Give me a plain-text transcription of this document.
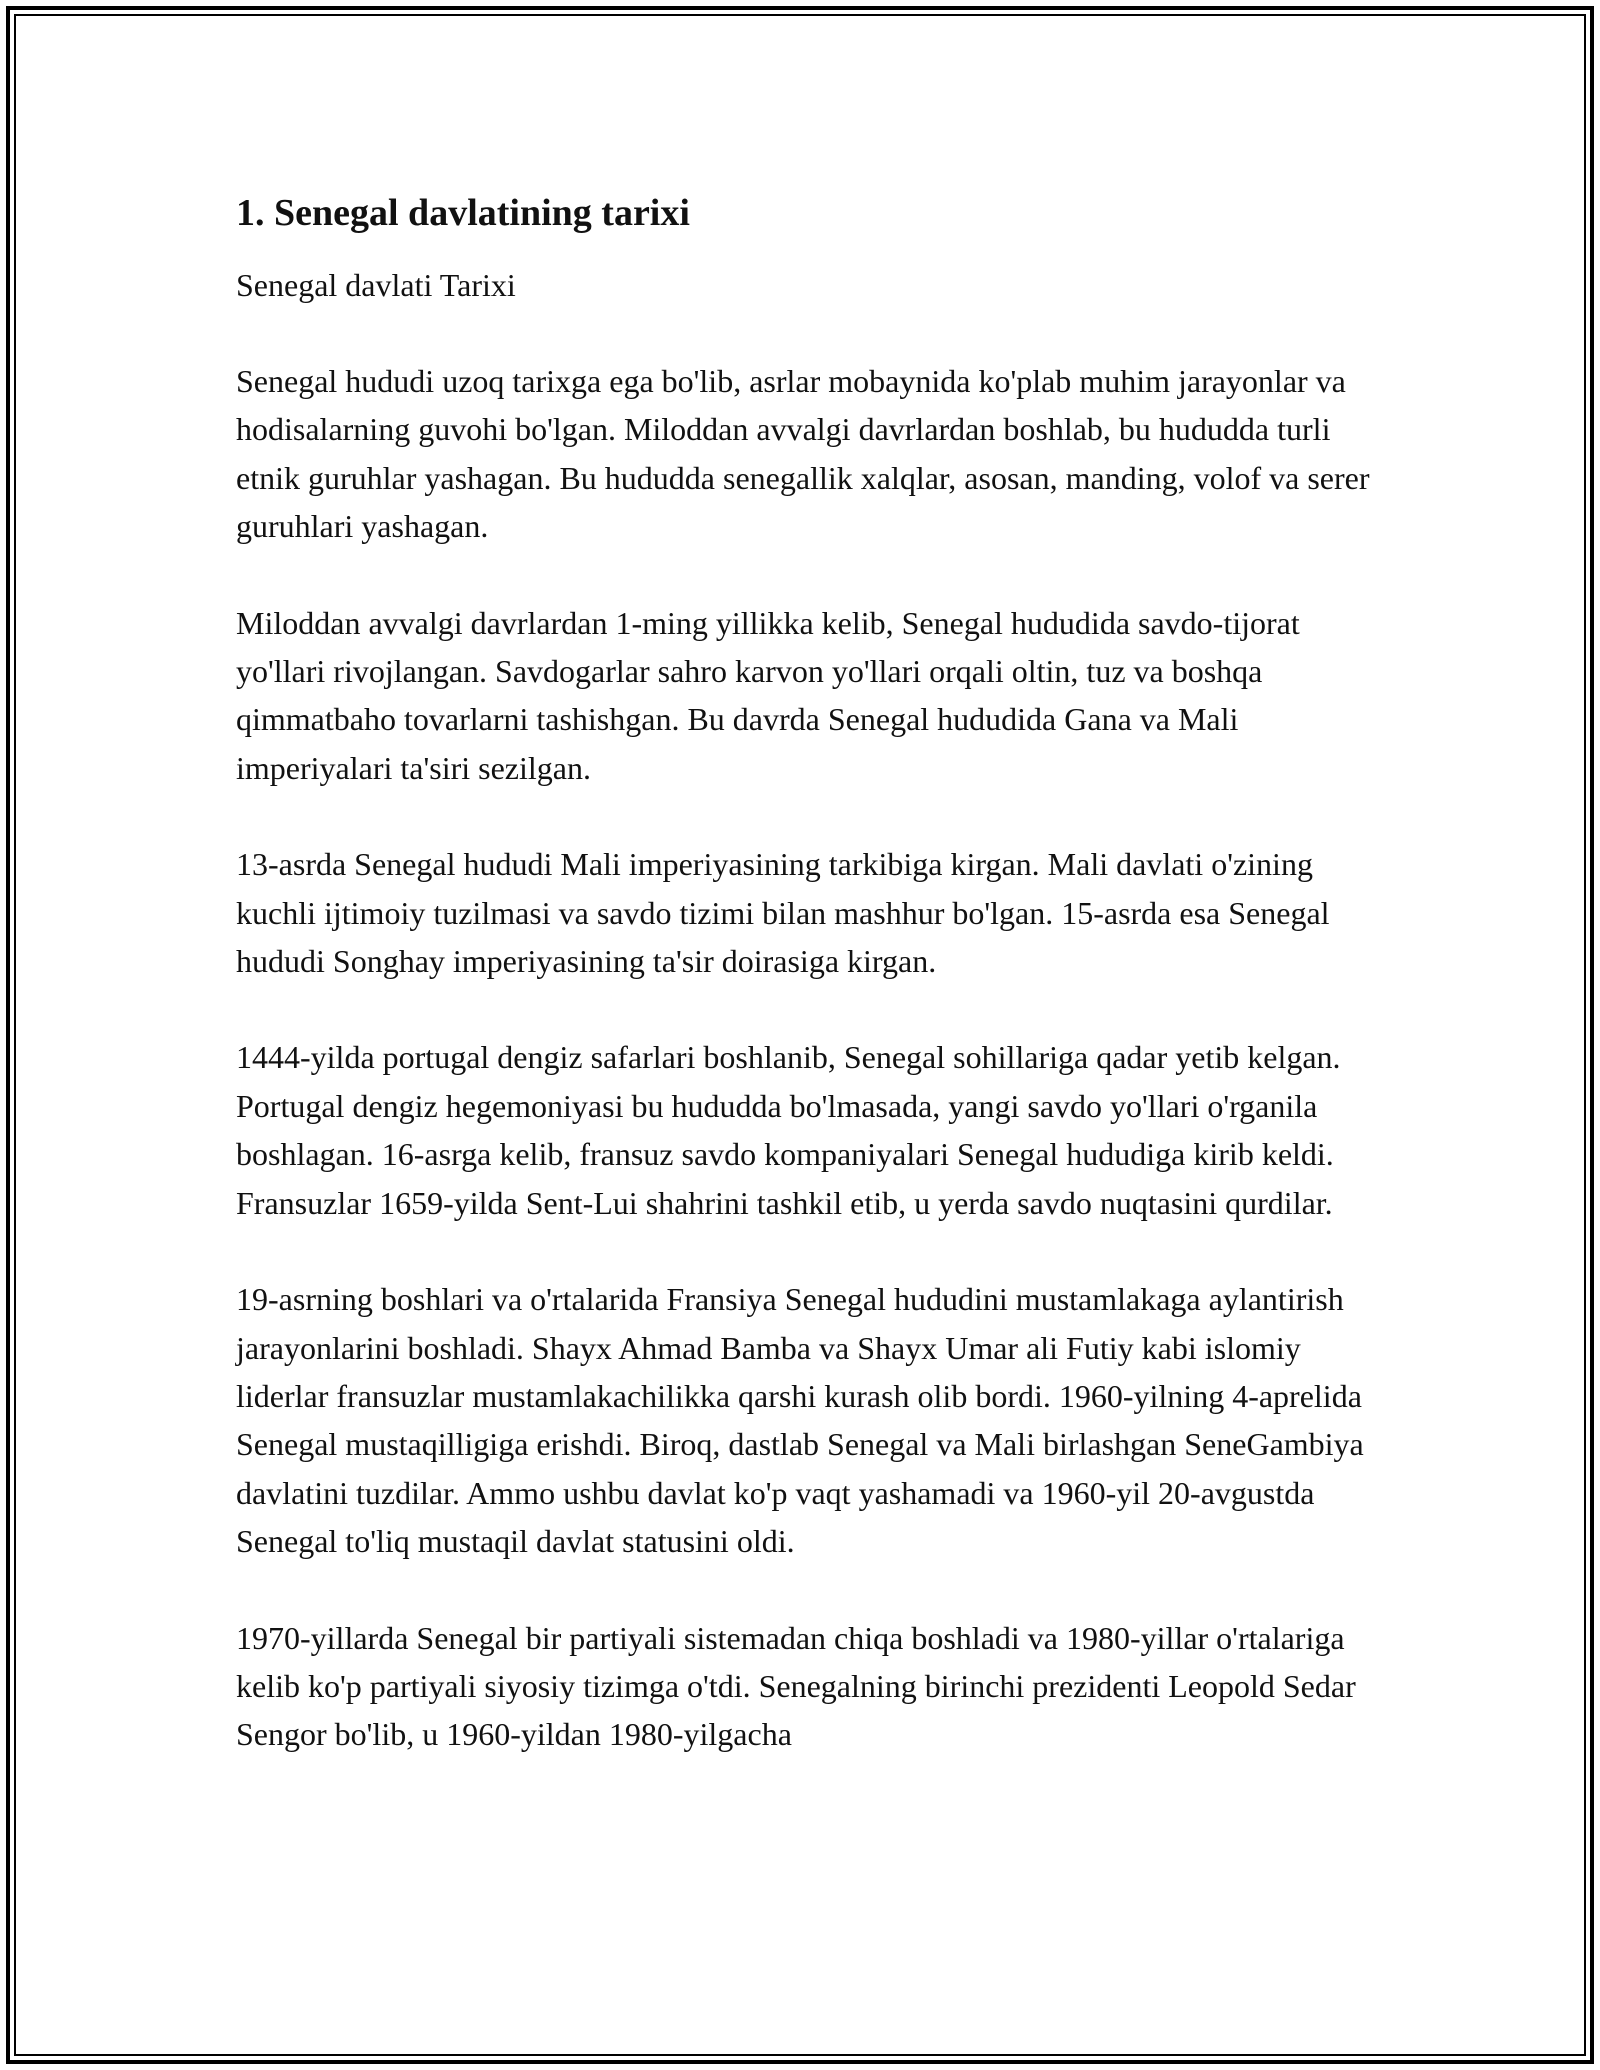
1. Senegal davlatining tarixi

Senegal davlati Tarixi

Senegal hududi uzoq tarixga ega bo'lib, asrlar mobaynida ko'plab muhim jarayonlar va hodisalarning guvohi bo'lgan. Miloddan avvalgi davrlardan boshlab, bu hududda turli etnik guruhlar yashagan. Bu hududda senegallik xalqlar, asosan, manding, volof va serer guruhlari yashagan.

Miloddan avvalgi davrlardan 1-ming yillikka kelib, Senegal hududida savdo-tijorat yo'llari rivojlangan. Savdogarlar sahro karvon yo'llari orqali oltin, tuz va boshqa qimmatbaho tovarlarni tashishgan. Bu davrda Senegal hududida Gana va Mali imperiyalari ta'siri sezilgan.

13-asrda Senegal hududi Mali imperiyasining tarkibiga kirgan. Mali davlati o'zining kuchli ijtimoiy tuzilmasi va savdo tizimi bilan mashhur bo'lgan. 15-asrda esa Senegal hududi Songhay imperiyasining ta'sir doirasiga kirgan.

1444-yilda portugal dengiz safarlari boshlanib, Senegal sohillariga qadar yetib kelgan. Portugal dengiz hegemoniyasi bu hududda bo'lmasada, yangi savdo yo'llari o'rganila boshlagan. 16-asrga kelib, fransuz savdo kompaniyalari Senegal hududiga kirib keldi. Fransuzlar 1659-yilda Sent-Lui shahrini tashkil etib, u yerda savdo nuqtasini qurdilar.

19-asrning boshlari va o'rtalarida Fransiya Senegal hududini mustamlakaga aylantirish jarayonlarini boshladi. Shayx Ahmad Bamba va Shayx Umar ali Futiy kabi islomiy liderlar fransuzlar mustamlakachilikka qarshi kurash olib bordi. 1960-yilning 4-aprelida Senegal mustaqilligiga erishdi. Biroq, dastlab Senegal va Mali birlashgan SeneGambiya davlatini tuzdilar. Ammo ushbu davlat ko'p vaqt yashamadi va 1960-yil 20-avgustda Senegal to'liq mustaqil davlat statusini oldi.

1970-yillarda Senegal bir partiyali sistemadan chiqa boshladi va 1980-yillar o'rtalariga kelib ko'p partiyali siyosiy tizimga o'tdi. Senegalning birinchi prezidenti Leopold Sedar Sengor bo'lib, u 1960-yildan 1980-yilgacha
